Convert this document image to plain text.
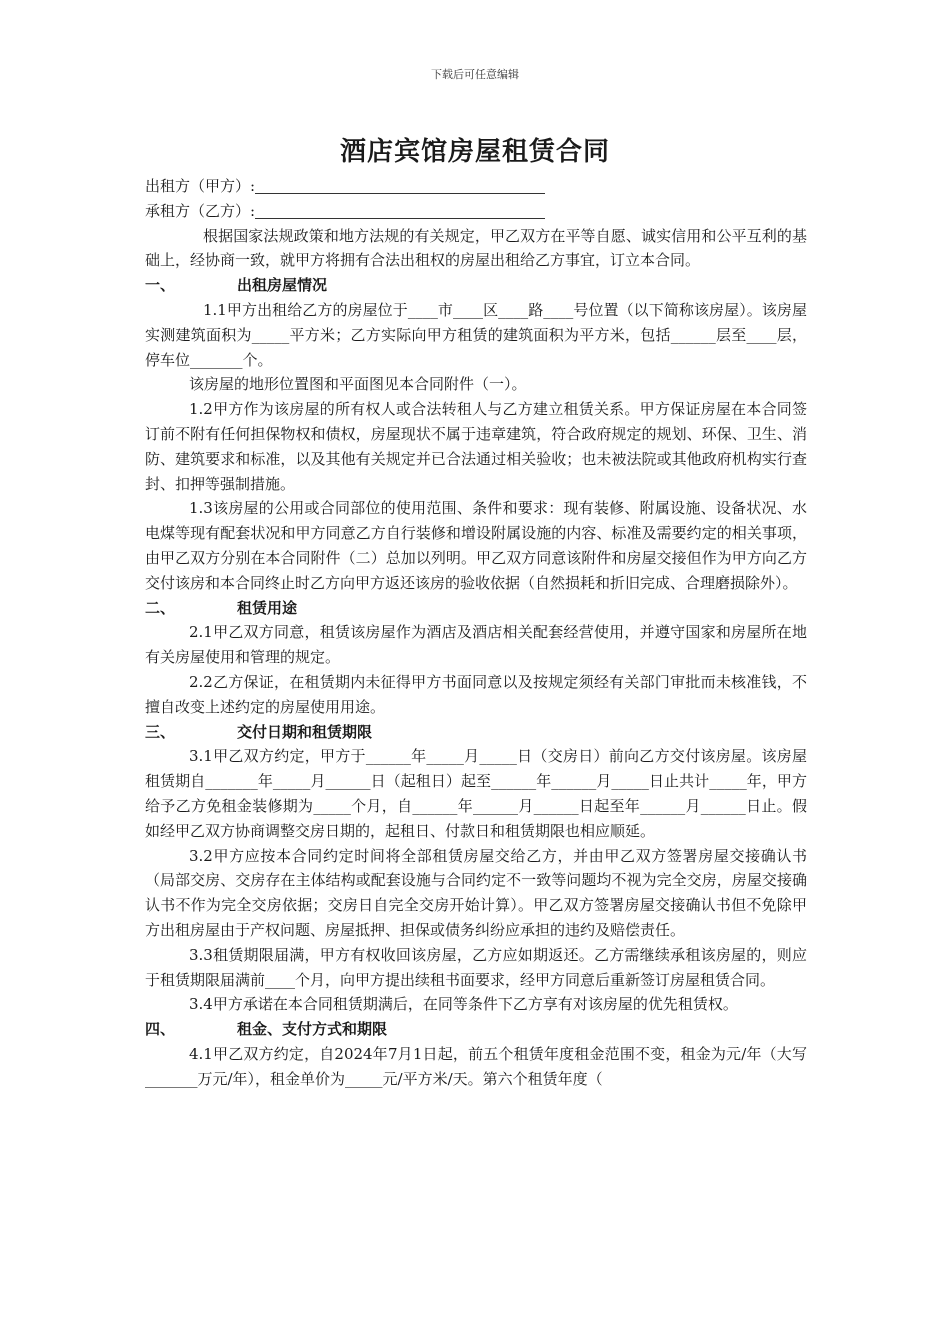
下载后可任意编辑
酒店宾馆房屋租赁合同

出租方（甲方）:

承租方（乙方）:

根据国家法规政策和地方法规的有关规定，甲乙双方在平等自愿、诚实信用和公平互利的基础上，经协商一致，就甲方将拥有合法出租权的房屋出租给乙方事宜，订立本合同。

一、	出租房屋情况

1.1甲方出租给乙方的房屋位于____市____区____路____号位置（以下简称该房屋）。该房屋实测建筑面积为_____平方米；乙方实际向甲方租赁的建筑面积为平方米，包括______层至____层，停车位_______个。

该房屋的地形位置图和平面图见本合同附件（一）。

1.2甲方作为该房屋的所有权人或合法转租人与乙方建立租赁关系。甲方保证房屋在本合同签订前不附有任何担保物权和债权，房屋现状不属于违章建筑，符合政府规定的规划、环保、卫生、消防、建筑要求和标准，以及其他有关规定并已合法通过相关验收；也未被法院或其他政府机构实行查封、扣押等强制措施。

1.3该房屋的公用或合同部位的使用范围、条件和要求：现有装修、附属设施、设备状况、水电煤等现有配套状况和甲方同意乙方自行装修和增设附属设施的内容、标准及需要约定的相关事项，由甲乙双方分别在本合同附件（二）总加以列明。甲乙双方同意该附件和房屋交接但作为甲方向乙方交付该房和本合同终止时乙方向甲方返还该房的验收依据（自然损耗和折旧完成、合理磨损除外）。

二、	租赁用途

2.1甲乙双方同意，租赁该房屋作为酒店及酒店相关配套经营使用，并遵守国家和房屋所在地有关房屋使用和管理的规定。

2.2乙方保证，在租赁期内未征得甲方书面同意以及按规定须经有关部门审批而未核准钱，不擅自改变上述约定的房屋使用用途。

三、	交付日期和租赁期限

3.1甲乙双方约定，甲方于______年_____月_____日（交房日）前向乙方交付该房屋。该房屋租赁期自_______年_____月______日（起租日）起至______年______月_____日止共计_____年，甲方给予乙方免租金装修期为_____个月，自______年______月______日起至年______月______日止。假如经甲乙双方协商调整交房日期的，起租日、付款日和租赁期限也相应顺延。

3.2甲方应按本合同约定时间将全部租赁房屋交给乙方，并由甲乙双方签署房屋交接确认书（局部交房、交房存在主体结构或配套设施与合同约定不一致等问题均不视为完全交房，房屋交接确认书不作为完全交房依据；交房日自完全交房开始计算）。甲乙双方签署房屋交接确认书但不免除甲方出租房屋由于产权问题、房屋抵押、担保或债务纠纷应承担的违约及赔偿责任。

3.3租赁期限届满，甲方有权收回该房屋，乙方应如期返还。乙方需继续承租该房屋的，则应于租赁期限届满前____个月，向甲方提出续租书面要求，经甲方同意后重新签订房屋租赁合同。

3.4甲方承诺在本合同租赁期满后，在同等条件下乙方享有对该房屋的优先租赁权。

四、	租金、支付方式和期限

4.1甲乙双方约定，自2024年7月1日起，前五个租赁年度租金范围不变，租金为元/年（大写_______万元/年），租金单价为_____元/平方米/天。第六个租赁年度（
